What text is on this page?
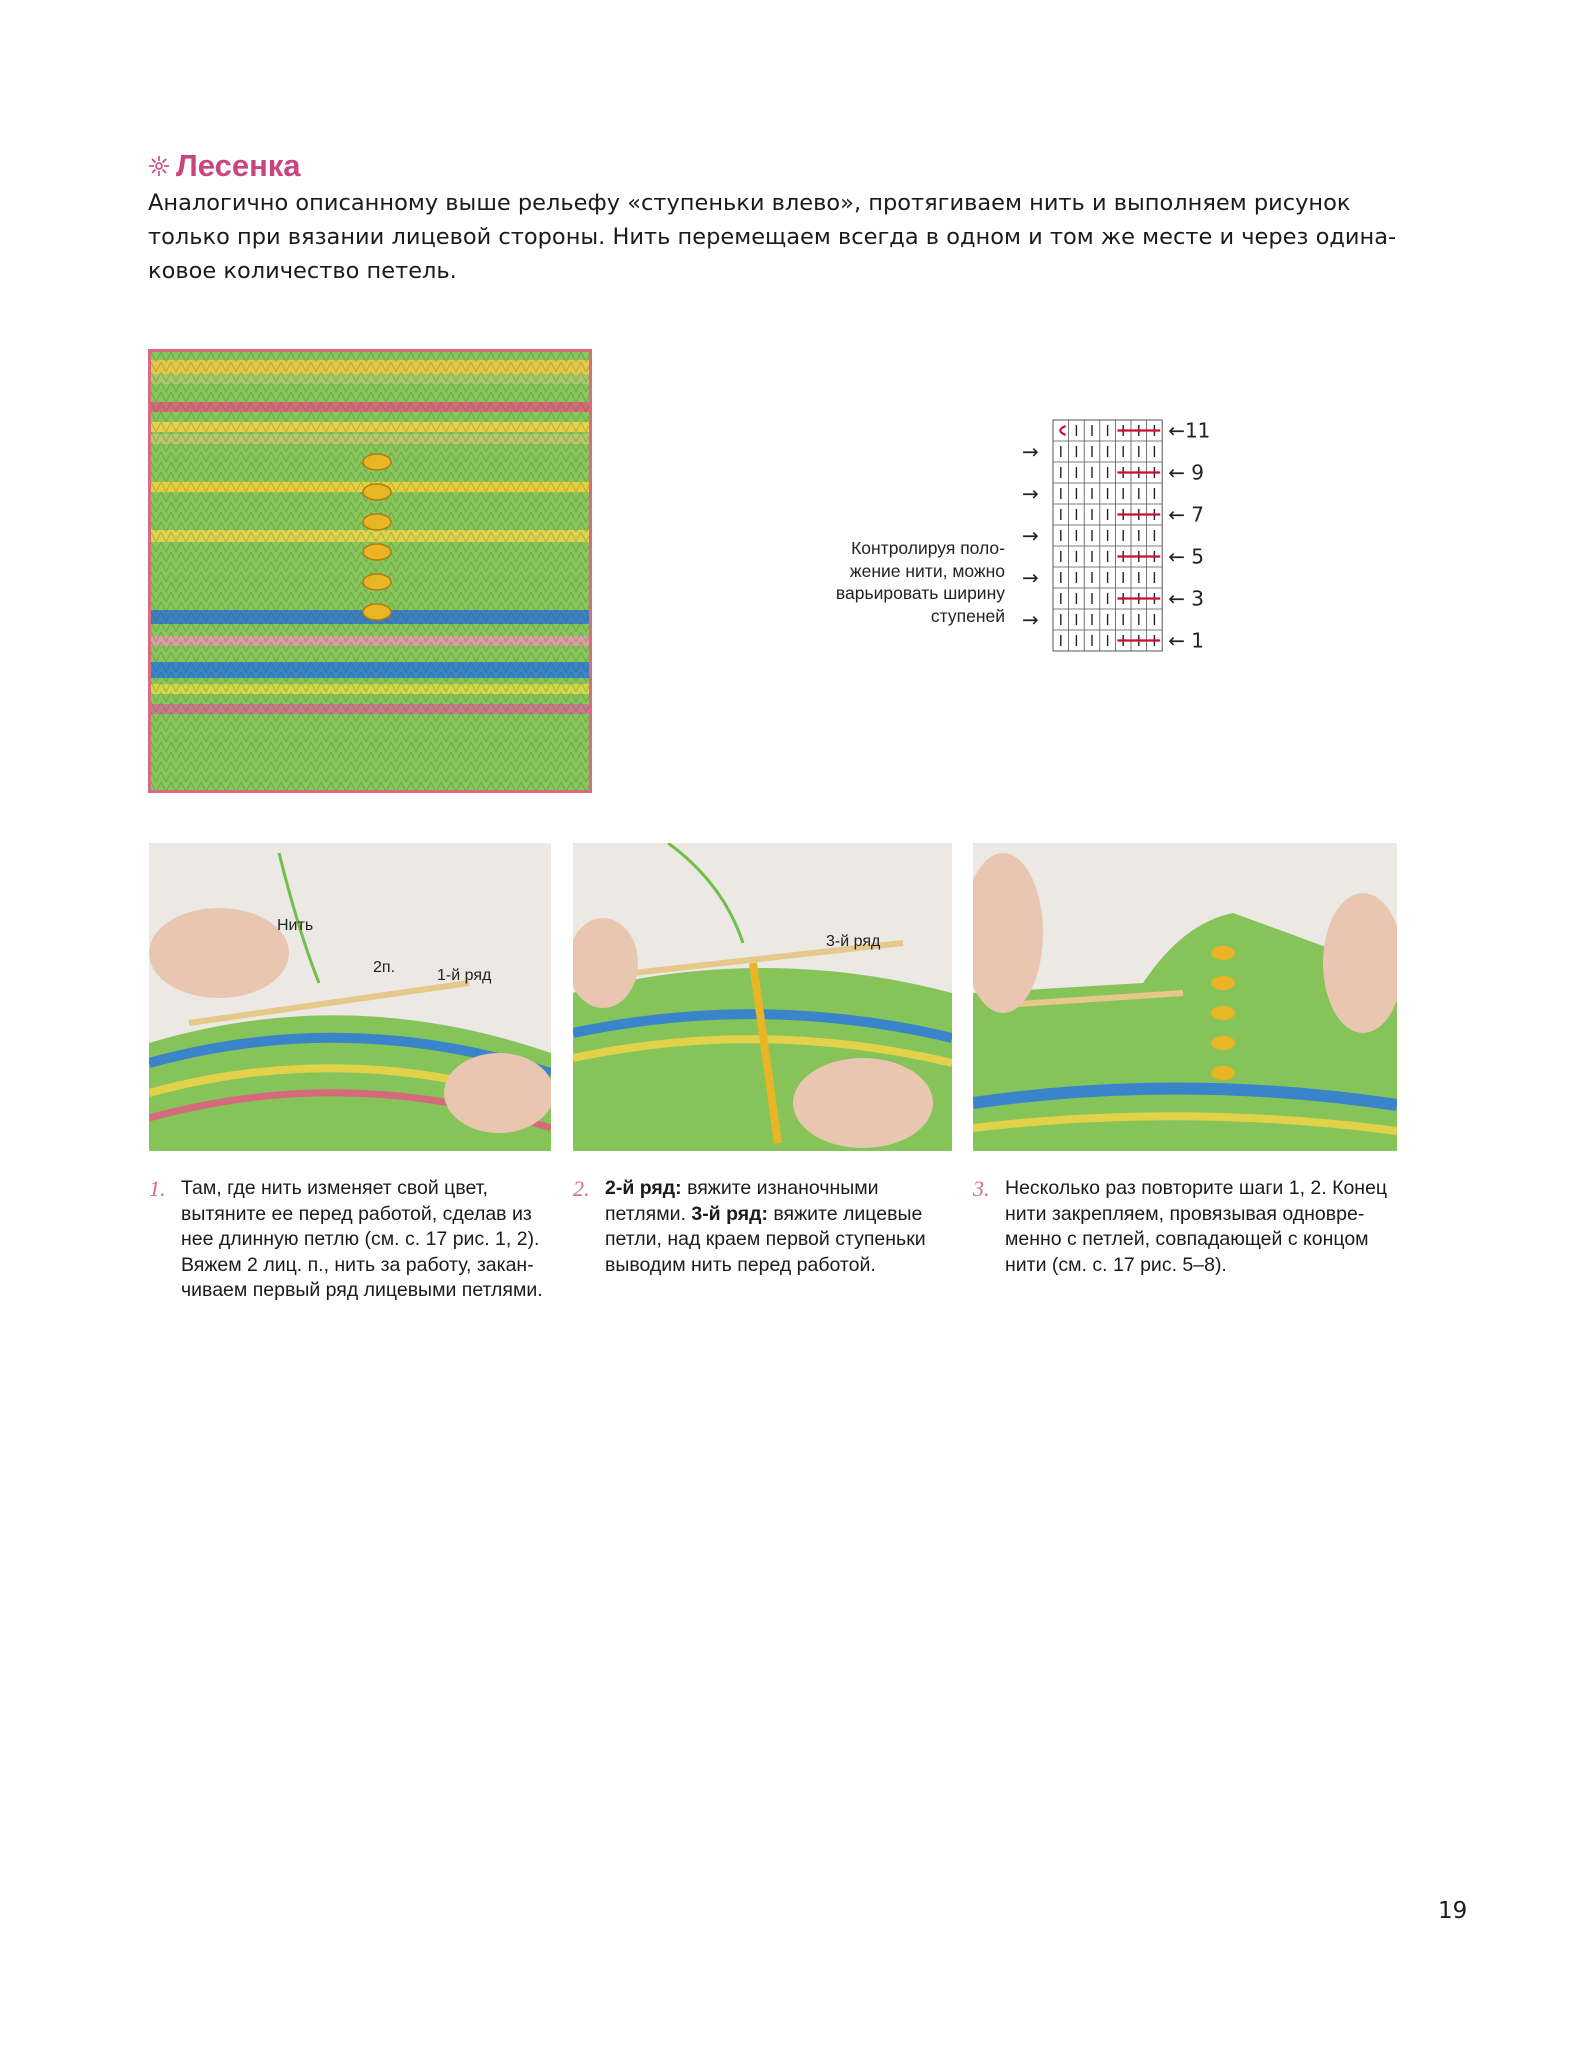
Лесенка
Аналогично описанному выше рельефу «ступеньки влево», протягиваем нить и выполняем рисунок
только при вязании лицевой стороны. Нить перемещаем всегда в одном и том же месте и через одина-
ковое количество петель.
Контролируя поло-
жение нити, можно
варьировать ширину
ступеней
→
→
→
→
→
←11
← 9
← 7
← 5
← 3
← 1
Нить
2п.	1-й ряд
3-й ряд
1. Там, где нить изменяет свой цвет,
вытяните ее перед работой, сделав из
нее длинную петлю (см. с. 17 рис. 1, 2).
Вяжем 2 лиц. п., нить за работу, закан-
чиваем первый ряд лицевыми петлями.
2. 2-й ряд: вяжите изнаночными
петлями. 3-й ряд: вяжите лицевые
петли, над краем первой ступеньки
выводим нить перед работой.
3. Несколько раз повторите шаги 1, 2. Конец
нити закрепляем, провязывая одновре-
менно с петлей, совпадающей с концом
нити (см. с. 17 рис. 5–8).
19
